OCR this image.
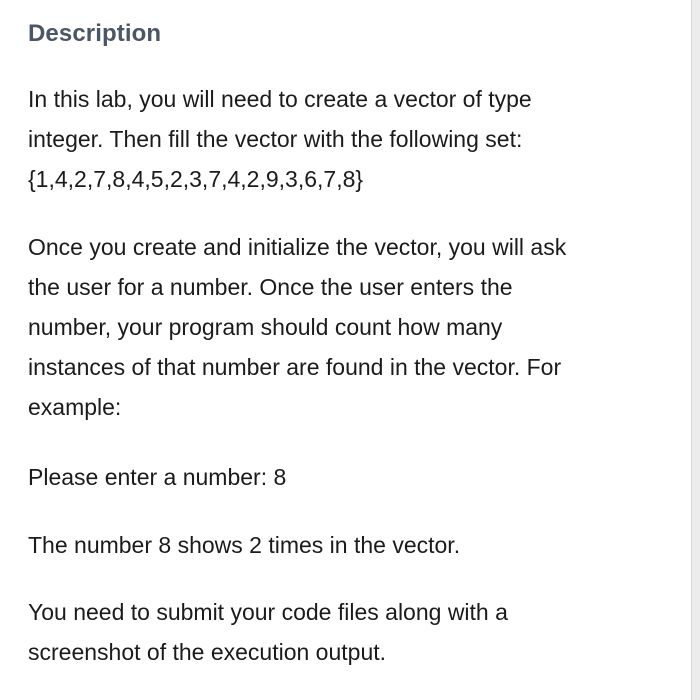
Description

In this lab, you will need to create a vector of type
integer. Then fill the vector with the following set:
{1,4,2,7,8,4,5,2,3,7,4,2,9,3,6,7,8}

Once you create and initialize the vector, you will ask
the user for a number. Once the user enters the
number, your program should count how many
instances of that number are found in the vector. For
example:

Please enter a number: 8

The number 8 shows 2 times in the vector.

You need to submit your code files along with a
screenshot of the execution output.
